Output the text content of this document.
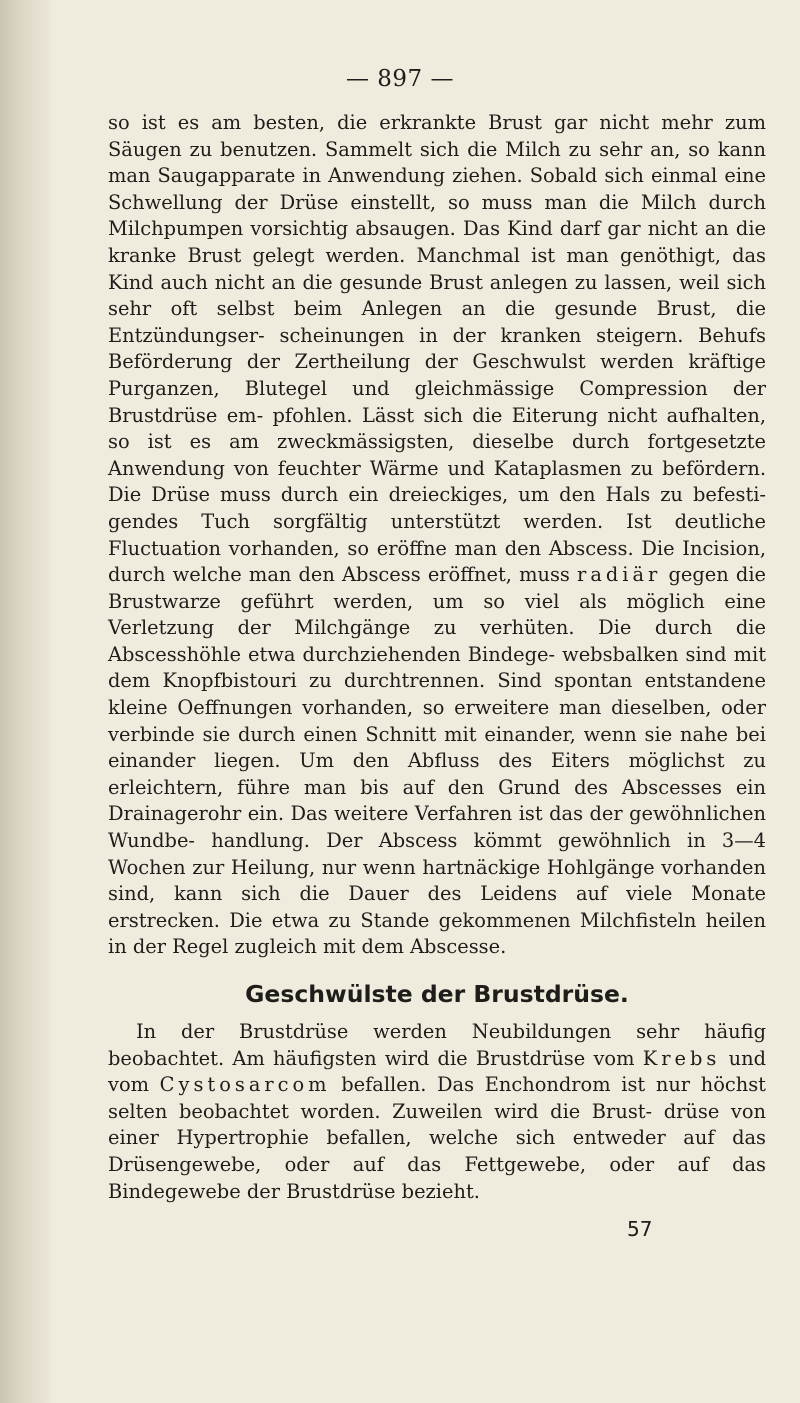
— 897 —

so ist es am besten, die erkrankte Brust gar nicht mehr zum Säugen zu benutzen. Sammelt sich die Milch zu sehr an, so kann man Saugapparate in Anwendung ziehen. Sobald sich einmal eine Schwellung der Drüse einstellt, so muss man die Milch durch Milchpumpen vorsichtig absaugen. Das Kind darf gar nicht an die kranke Brust gelegt werden. Manchmal ist man genöthigt, das Kind auch nicht an die gesunde Brust anlegen zu lassen, weil sich sehr oft selbst beim Anlegen an die gesunde Brust, die Entzündungser- scheinungen in der kranken steigern. Behufs Beförderung der Zertheilung der Geschwulst werden kräftige Purganzen, Blutegel und gleichmässige Compression der Brustdrüse em- pfohlen. Lässt sich die Eiterung nicht aufhalten, so ist es am zweckmässigsten, dieselbe durch fortgesetzte Anwendung von feuchter Wärme und Kataplasmen zu befördern. Die Drüse muss durch ein dreieckiges, um den Hals zu befesti- gendes Tuch sorgfältig unterstützt werden. Ist deutliche Fluctuation vorhanden, so eröffne man den Abscess. Die Incision, durch welche man den Abscess eröffnet, muss radiär gegen die Brustwarze geführt werden, um so viel als möglich eine Verletzung der Milchgänge zu verhüten. Die durch die Abscesshöhle etwa durchziehenden Bindege- websbalken sind mit dem Knopfbistouri zu durchtrennen. Sind spontan entstandene kleine Oeffnungen vorhanden, so erweitere man dieselben, oder verbinde sie durch einen Schnitt mit einander, wenn sie nahe bei einander liegen. Um den Abfluss des Eiters möglichst zu erleichtern, führe man bis auf den Grund des Abscesses ein Drainagerohr ein. Das weitere Verfahren ist das der gewöhnlichen Wundbe- handlung. Der Abscess kömmt gewöhnlich in 3—4 Wochen zur Heilung, nur wenn hartnäckige Hohlgänge vorhanden sind, kann sich die Dauer des Leidens auf viele Monate erstrecken. Die etwa zu Stande gekommenen Milchfisteln heilen in der Regel zugleich mit dem Abscesse.

Geschwülste der Brustdrüse.

In der Brustdrüse werden Neubildungen sehr häufig beobachtet. Am häufigsten wird die Brustdrüse vom Krebs und vom Cystosarcom befallen. Das Enchondrom ist nur höchst selten beobachtet worden. Zuweilen wird die Brust- drüse von einer Hypertrophie befallen, welche sich entweder auf das Drüsengewebe, oder auf das Fettgewebe, oder auf das Bindegewebe der Brustdrüse bezieht.

57
